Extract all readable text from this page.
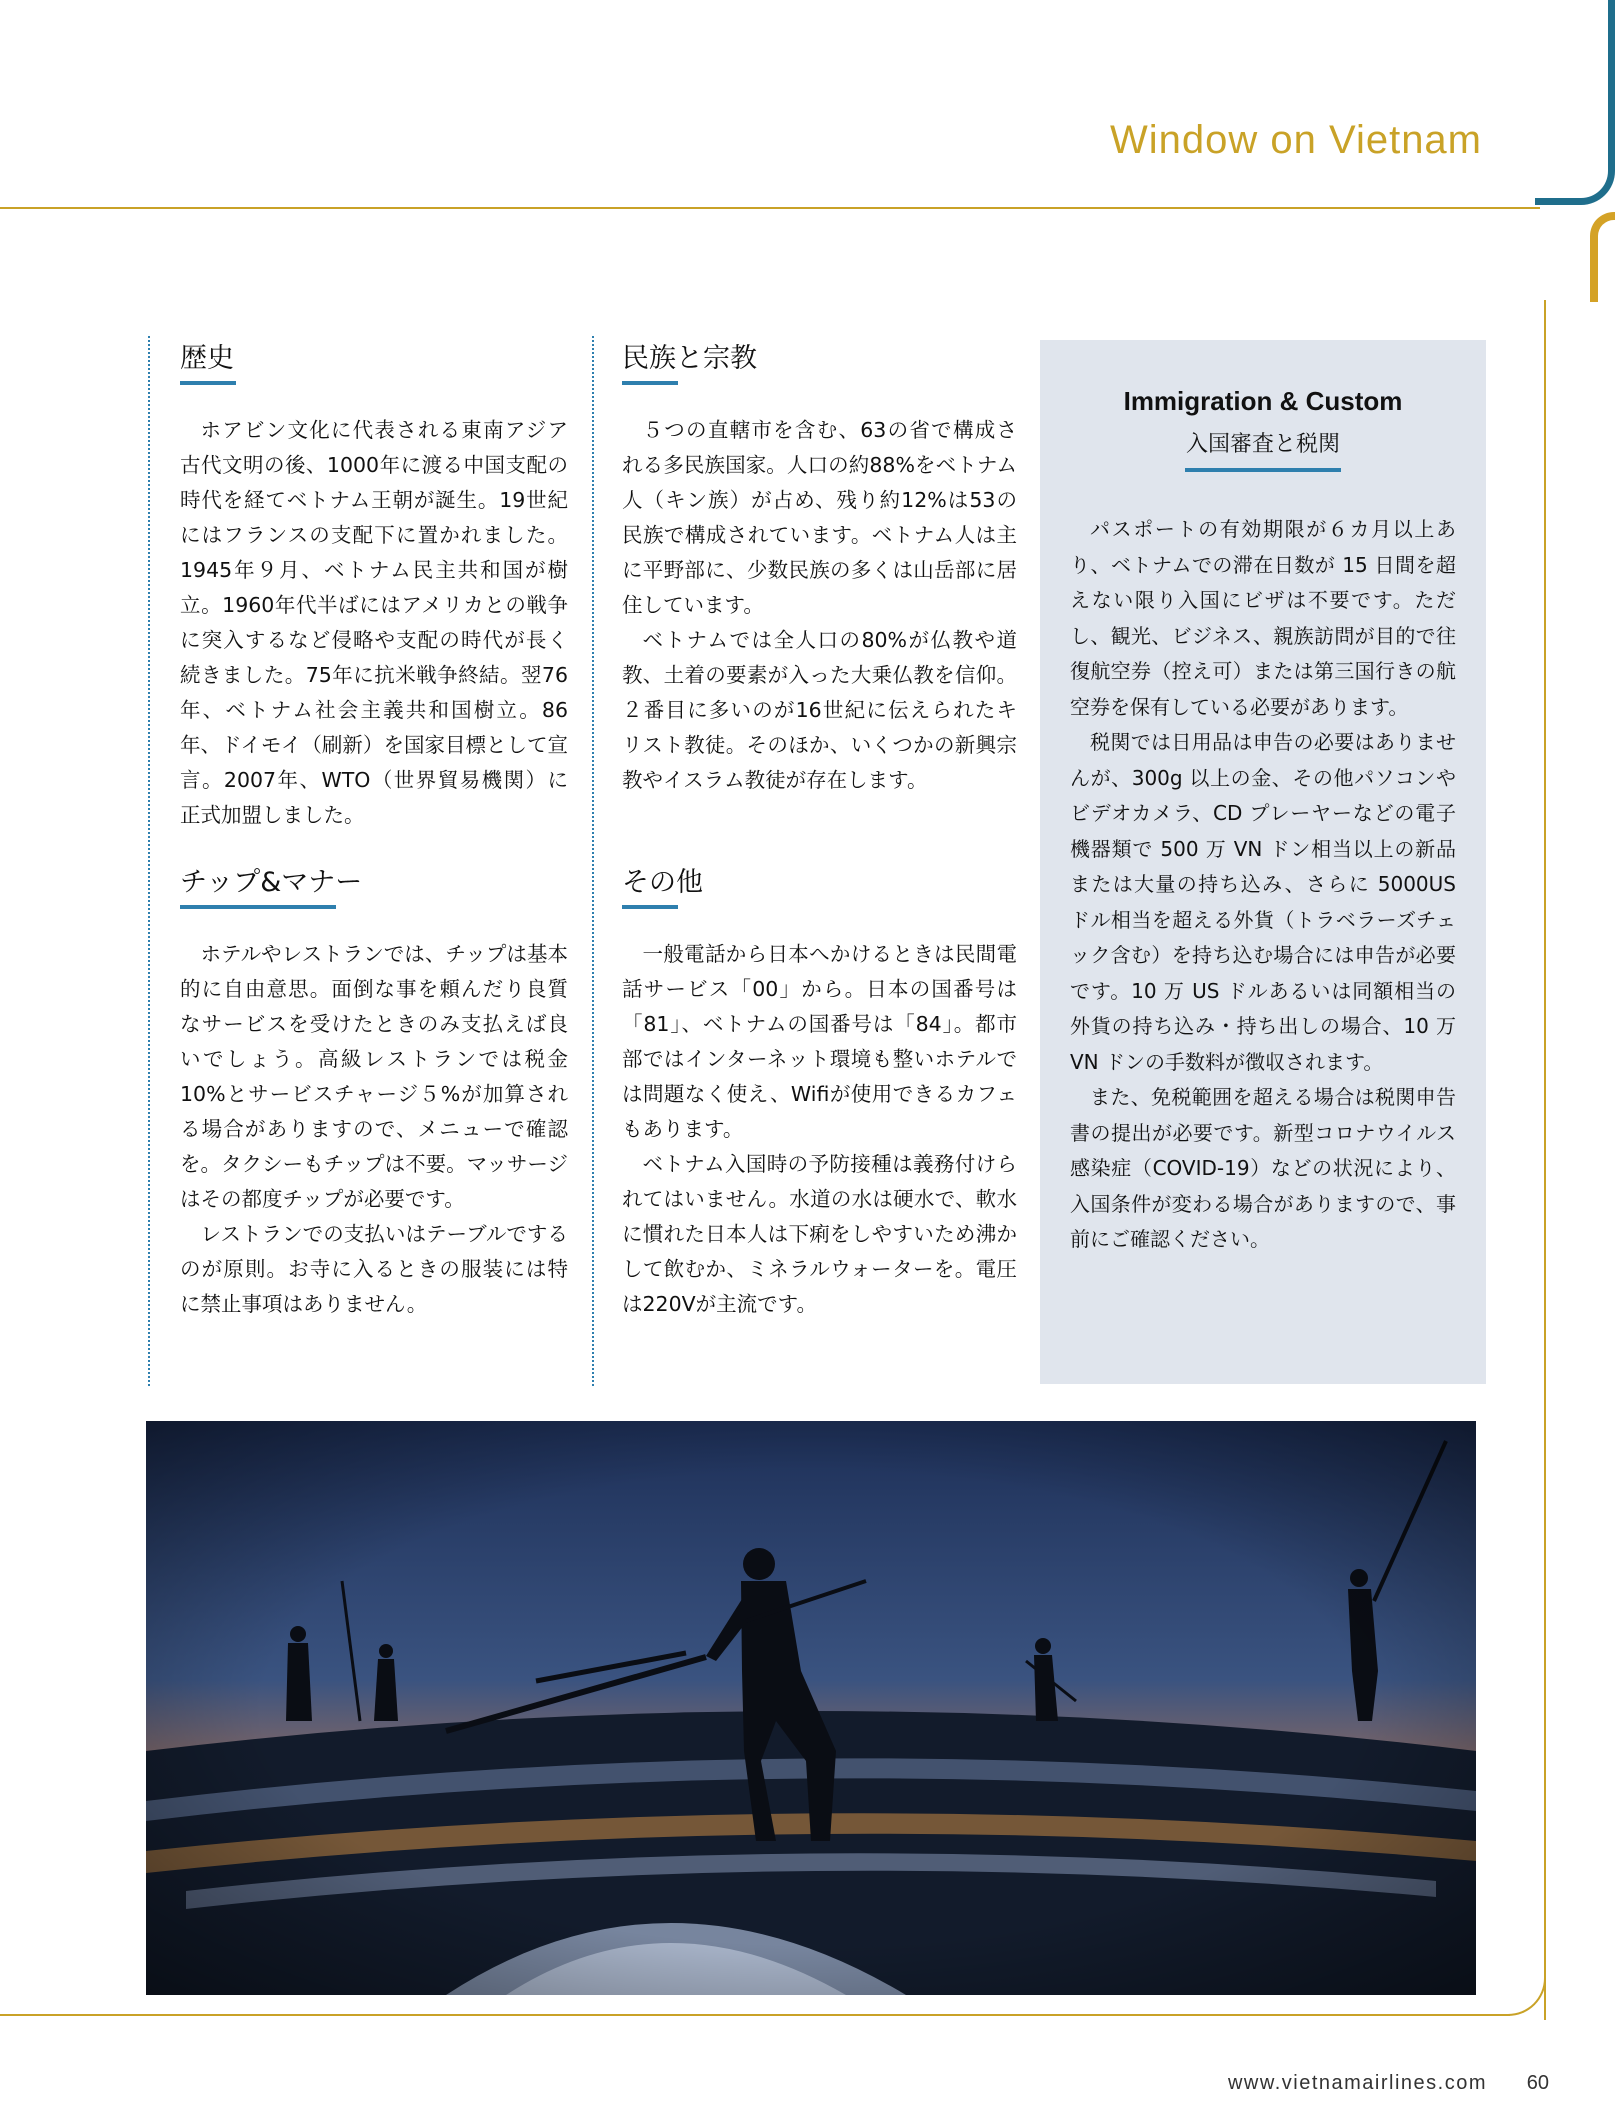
Window on Vietnam
歴史

ホアビン文化に代表される東南アジア古代文明の後、1000年に渡る中国支配の時代を経てベトナム王朝が誕生。19世紀にはフランスの支配下に置かれました。1945年９月、ベトナム民主共和国が樹立。1960年代半ばにはアメリカとの戦争に突入するなど侵略や支配の時代が長く続きました。75年に抗米戦争終結。翌76年、ベトナム社会主義共和国樹立。86年、ドイモイ（刷新）を国家目標として宣言。2007年、WTO（世界貿易機関）に正式加盟しました。

チップ&マナー

ホテルやレストランでは、チップは基本的に自由意思。面倒な事を頼んだり良質なサービスを受けたときのみ支払えば良いでしょう。高級レストランでは税金10%とサービスチャージ５%が加算される場合がありますので、メニューで確認を。タクシーもチップは不要。マッサージはその都度チップが必要です。

レストランでの支払いはテーブルでするのが原則。お寺に入るときの服装には特に禁止事項はありません。

民族と宗教

５つの直轄市を含む、63の省で構成される多民族国家。人口の約88%をベトナム人（キン族）が占め、残り約12%は53の民族で構成されています。ベトナム人は主に平野部に、少数民族の多くは山岳部に居住しています。

ベトナムでは全人口の80%が仏教や道教、土着の要素が入った大乗仏教を信仰。２番目に多いのが16世紀に伝えられたキリスト教徒。そのほか、いくつかの新興宗教やイスラム教徒が存在します。

その他

一般電話から日本へかけるときは民間電話サービス「00」から。日本の国番号は「81」、ベトナムの国番号は「84」。都市部ではインターネット環境も整いホテルでは問題なく使え、Wifiが使用できるカフェもあります。

ベトナム入国時の予防接種は義務付けられてはいません。水道の水は硬水で、軟水に慣れた日本人は下痢をしやすいため沸かして飲むか、ミネラルウォーターを。電圧は220Vが主流です。

Immigration & Custom

入国審査と税関

パスポートの有効期限が６カ月以上あり、ベトナムでの滞在日数が 15 日間を超えない限り入国にビザは不要です。ただし、観光、ビジネス、親族訪問が目的で往復航空券（控え可）または第三国行きの航空券を保有している必要があります。

税関では日用品は申告の必要はありませんが、300g 以上の金、その他パソコンやビデオカメラ、CD プレーヤーなどの電子機器類で 500 万 VN ドン相当以上の新品または大量の持ち込み、さらに 5000US ドル相当を超える外貨（トラベラーズチェック含む）を持ち込む場合には申告が必要です。10 万 US ドルあるいは同額相当の外貨の持ち込み・持ち出しの場合、10 万 VN ドンの手数料が徴収されます。

また、免税範囲を超える場合は税関申告書の提出が必要です。新型コロナウイルス感染症（COVID-19）などの状況により、入国条件が変わる場合がありますので、事前にご確認ください。

www.vietnamairlines.com 60
